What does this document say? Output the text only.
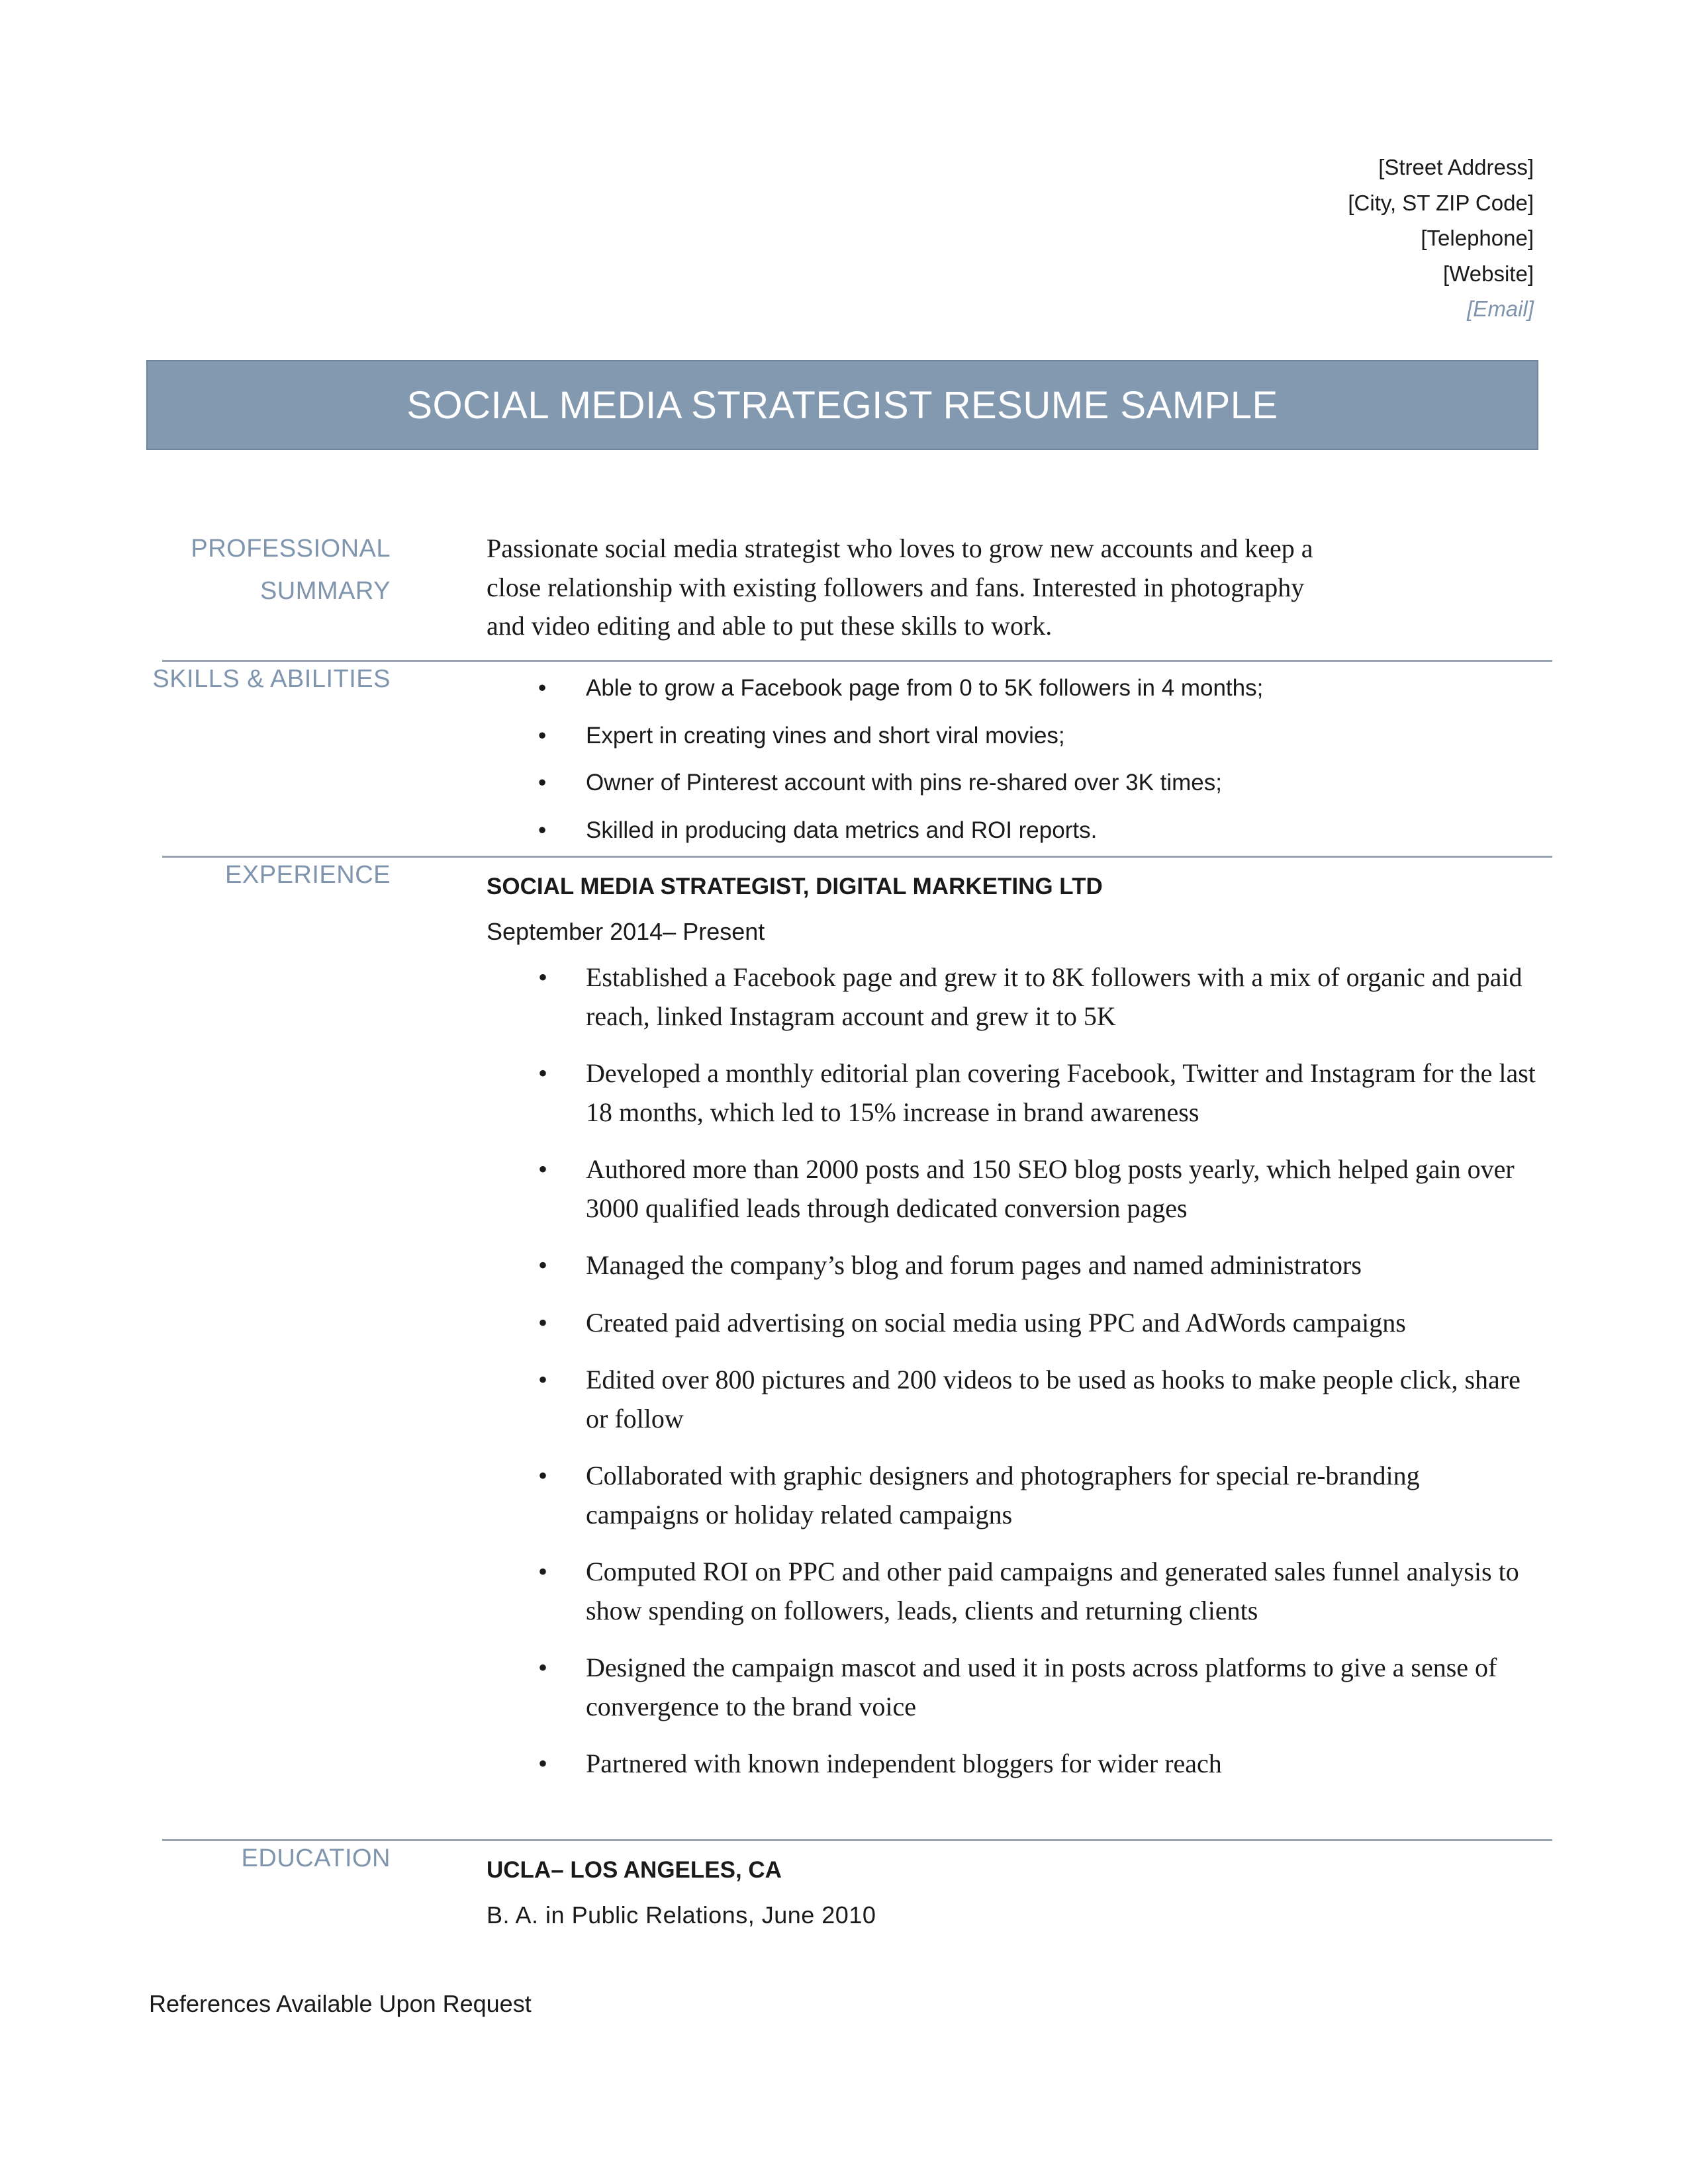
[Street Address]
[City, ST ZIP Code]
[Telephone]
[Website]
[Email]
SOCIAL MEDIA STRATEGIST RESUME SAMPLE
PROFESSIONAL
SUMMARY

Passionate social media strategist who loves to grow new accounts and keep a close relationship with existing followers and fans. Interested in photography and video editing and able to put these skills to work.

SKILLS & ABILITIES	• Able to grow a Facebook page from 0 to 5K followers in 4 months;
• Expert in creating vines and short viral movies;
• Owner of Pinterest account with pins re-shared over 3K times;
• Skilled in producing data metrics and ROI reports.
EXPERIENCE	SOCIAL MEDIA STRATEGIST, DIGITAL MARKETING LTD
September 2014– Present
• Established a Facebook page and grew it to 8K followers with a mix of organic and paid reach, linked Instagram account and grew it to 5K
• Developed a monthly editorial plan covering Facebook, Twitter and Instagram for the last 18 months, which led to 15% increase in brand awareness
• Authored more than 2000 posts and 150 SEO blog posts yearly, which helped gain over 3000 qualified leads through dedicated conversion pages
• Managed the company’s blog and forum pages and named administrators
• Created paid advertising on social media using PPC and AdWords campaigns
• Edited over 800 pictures and 200 videos to be used as hooks to make people click, share or follow
• Collaborated with graphic designers and photographers for special re-branding campaigns or holiday related campaigns
• Computed ROI on PPC and other paid campaigns and generated sales funnel analysis to show spending on followers, leads, clients and returning clients
• Designed the campaign mascot and used it in posts across platforms to give a sense of convergence to the brand voice
• Partnered with known independent bloggers for wider reach
EDUCATION	UCLA– LOS ANGELES, CA
B. A. in Public Relations, June 2010
References Available Upon Request
